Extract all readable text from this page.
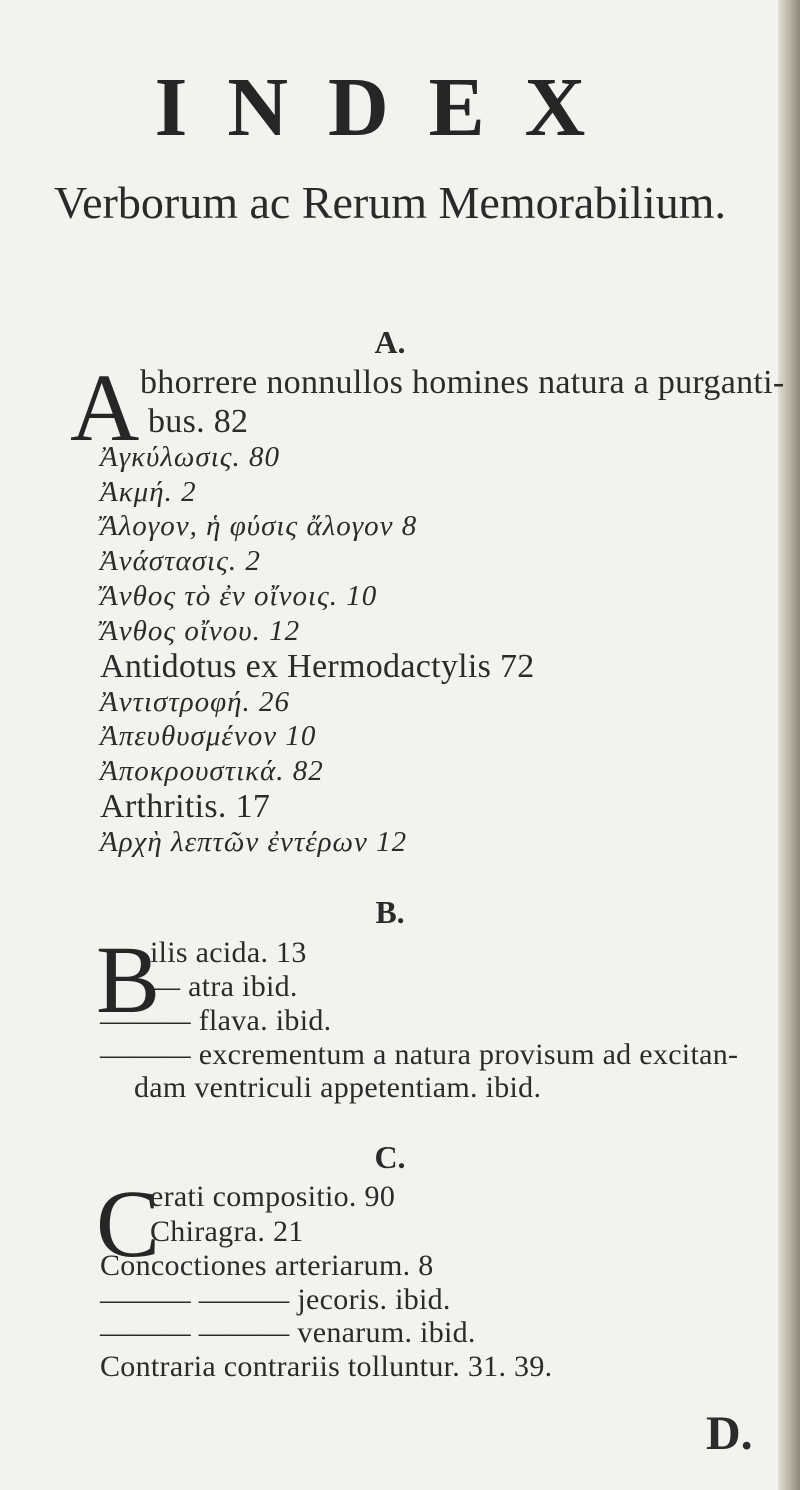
INDEX
Verborum ac Rerum Memorabilium.
A.
A bhorrere nonnullos homines natura a purganti-
bus. 82
Ἀγκύλωσις. 80
Ἀκμή. 2
Ἄλογον, ἡ φύσις ἄλογον 8
Ἀνάστασις. 2
Ἄνθος τὸ ἐν οἴνοις. 10
Ἄνθος οἴνου. 12
Antidotus ex Hermodactylis 72
Ἀντιστροφή. 26
Ἀπευθυσμένον 10
Ἀποκρουστικά. 82
Arthritis. 17
Ἀρχὴ λεπτῶν ἐντέρων 12
B.
B
ilis acida. 13
— atra ibid.
——— flava. ibid.
——— excrementum a natura provisum ad excitan-
dam ventriculi appetentiam. ibid.
C.
C
erati compositio. 90
Chiragra. 21
Concoctiones arteriarum. 8
——— ——— jecoris. ibid.
——— ——— venarum. ibid.
Contraria contrariis tolluntur. 31. 39.
D.
